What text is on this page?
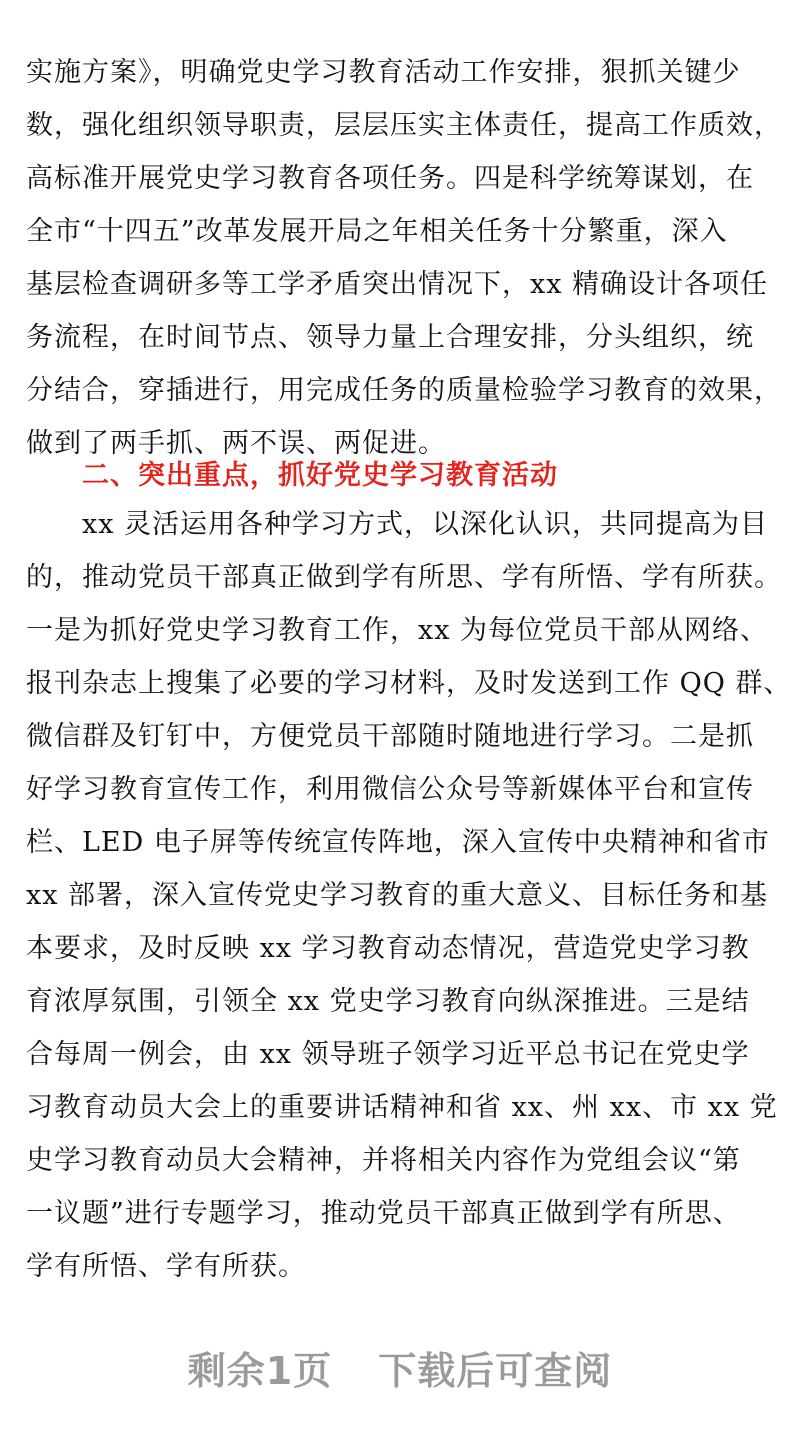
实施方案》，明确党史学习教育活动工作安排，狠抓关键少
数，强化组织领导职责，层层压实主体责任，提高工作质效，
高标准开展党史学习教育各项任务。四是科学统筹谋划，在
全市“十四五”改革发展开局之年相关任务十分繁重，深入
基层检查调研多等工学矛盾突出情况下，xx 精确设计各项任
务流程，在时间节点、领导力量上合理安排，分头组织，统
分结合，穿插进行，用完成任务的质量检验学习教育的效果，
做到了两手抓、两不误、两促进。
二、突出重点，抓好党史学习教育活动
xx 灵活运用各种学习方式，以深化认识，共同提高为目
的，推动党员干部真正做到学有所思、学有所悟、学有所获。
一是为抓好党史学习教育工作，xx 为每位党员干部从网络、
报刊杂志上搜集了必要的学习材料，及时发送到工作 QQ 群、
微信群及钉钉中，方便党员干部随时随地进行学习。二是抓
好学习教育宣传工作，利用微信公众号等新媒体平台和宣传
栏、LED 电子屏等传统宣传阵地，深入宣传中央精神和省市
xx 部署，深入宣传党史学习教育的重大意义、目标任务和基
本要求，及时反映 xx 学习教育动态情况，营造党史学习教
育浓厚氛围，引领全 xx 党史学习教育向纵深推进。三是结
合每周一例会，由 xx 领导班子领学习近平总书记在党史学
习教育动员大会上的重要讲话精神和省 xx、州 xx、市 xx 党
史学习教育动员大会精神，并将相关内容作为党组会议“第
一议题”进行专题学习，推动党员干部真正做到学有所思、
学有所悟、学有所获。
剩余1页 下载后可查阅
